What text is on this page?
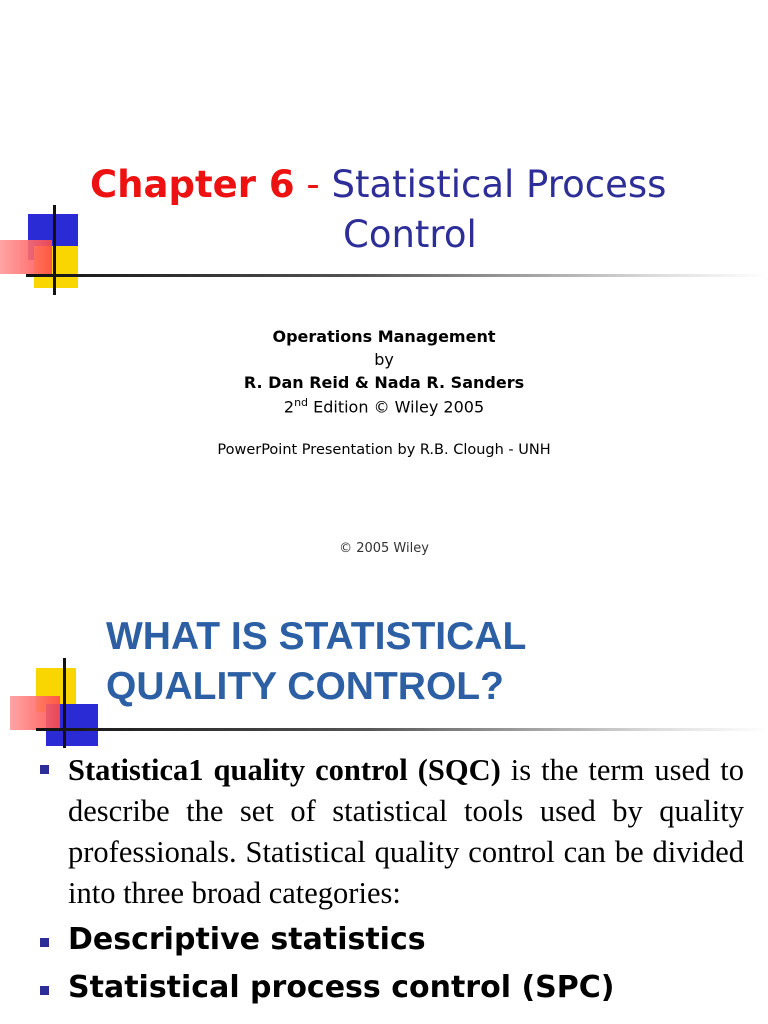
Chapter 6 - Statistical Process
Control
Operations Management
by
R. Dan Reid & Nada R. Sanders
2nd Edition © Wiley 2005
PowerPoint Presentation by R.B. Clough - UNH
© 2005 Wiley
WHAT IS STATISTICAL
QUALITY CONTROL?
Statistica1 quality control (SQC) is the term used to describe the set of statistical tools used by quality professionals. Statistical quality control can be divided into three broad categories:
Descriptive statistics
Statistical process control (SPC)
